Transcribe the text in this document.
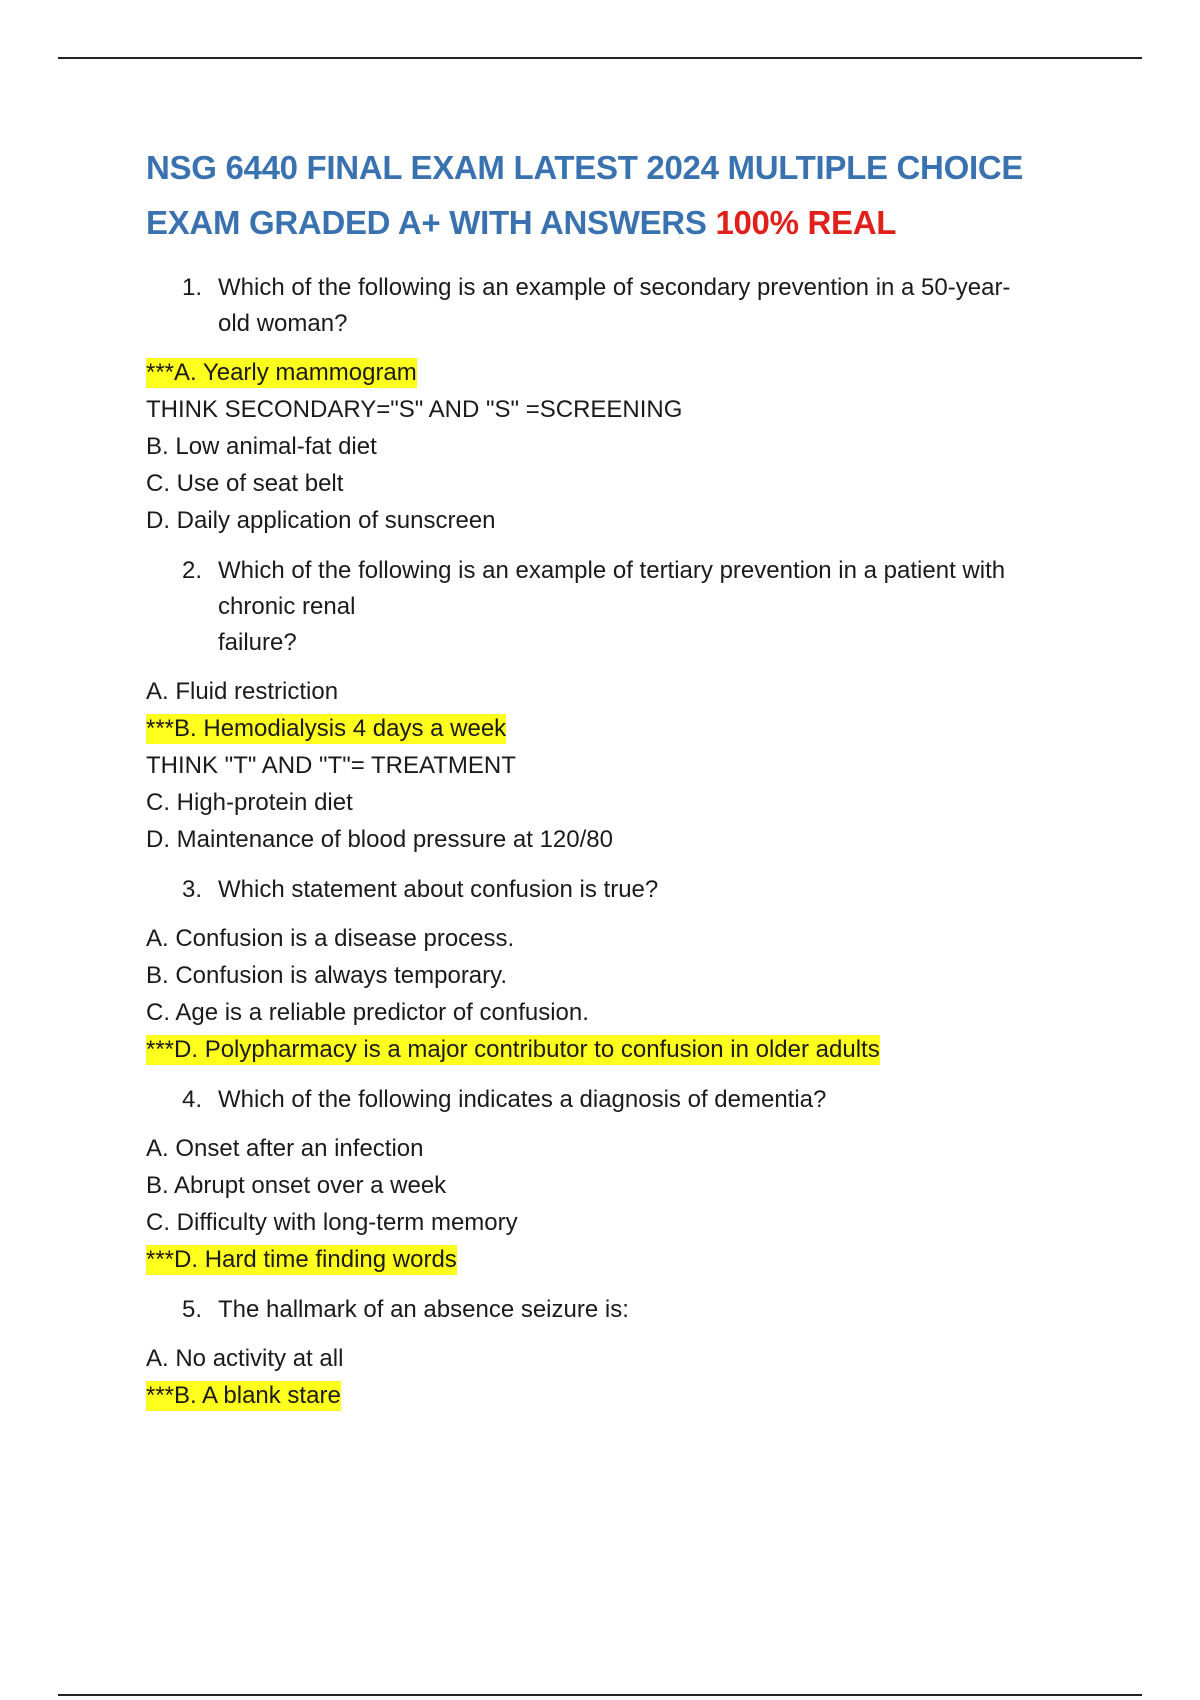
NSG 6440 FINAL EXAM LATEST 2024 MULTIPLE CHOICE EXAM GRADED A+ WITH ANSWERS 100% REAL
1. Which of the following is an example of secondary prevention in a 50-year-
old woman?
***A. Yearly mammogram
THINK SECONDARY="S" AND "S" =SCREENING
B. Low animal-fat diet
C. Use of seat belt
D. Daily application of sunscreen
2. Which of the following is an example of tertiary prevention in a patient with
chronic renal
failure?
A. Fluid restriction
***B. Hemodialysis 4 days a week
THINK "T" AND "T"= TREATMENT
C. High-protein diet
D. Maintenance of blood pressure at 120/80
3. Which statement about confusion is true?
A. Confusion is a disease process.
B. Confusion is always temporary.
C. Age is a reliable predictor of confusion.
***D. Polypharmacy is a major contributor to confusion in older adults
4. Which of the following indicates a diagnosis of dementia?
A. Onset after an infection
B. Abrupt onset over a week
C. Difficulty with long-term memory
***D. Hard time finding words
5. The hallmark of an absence seizure is:
A. No activity at all
***B. A blank stare
